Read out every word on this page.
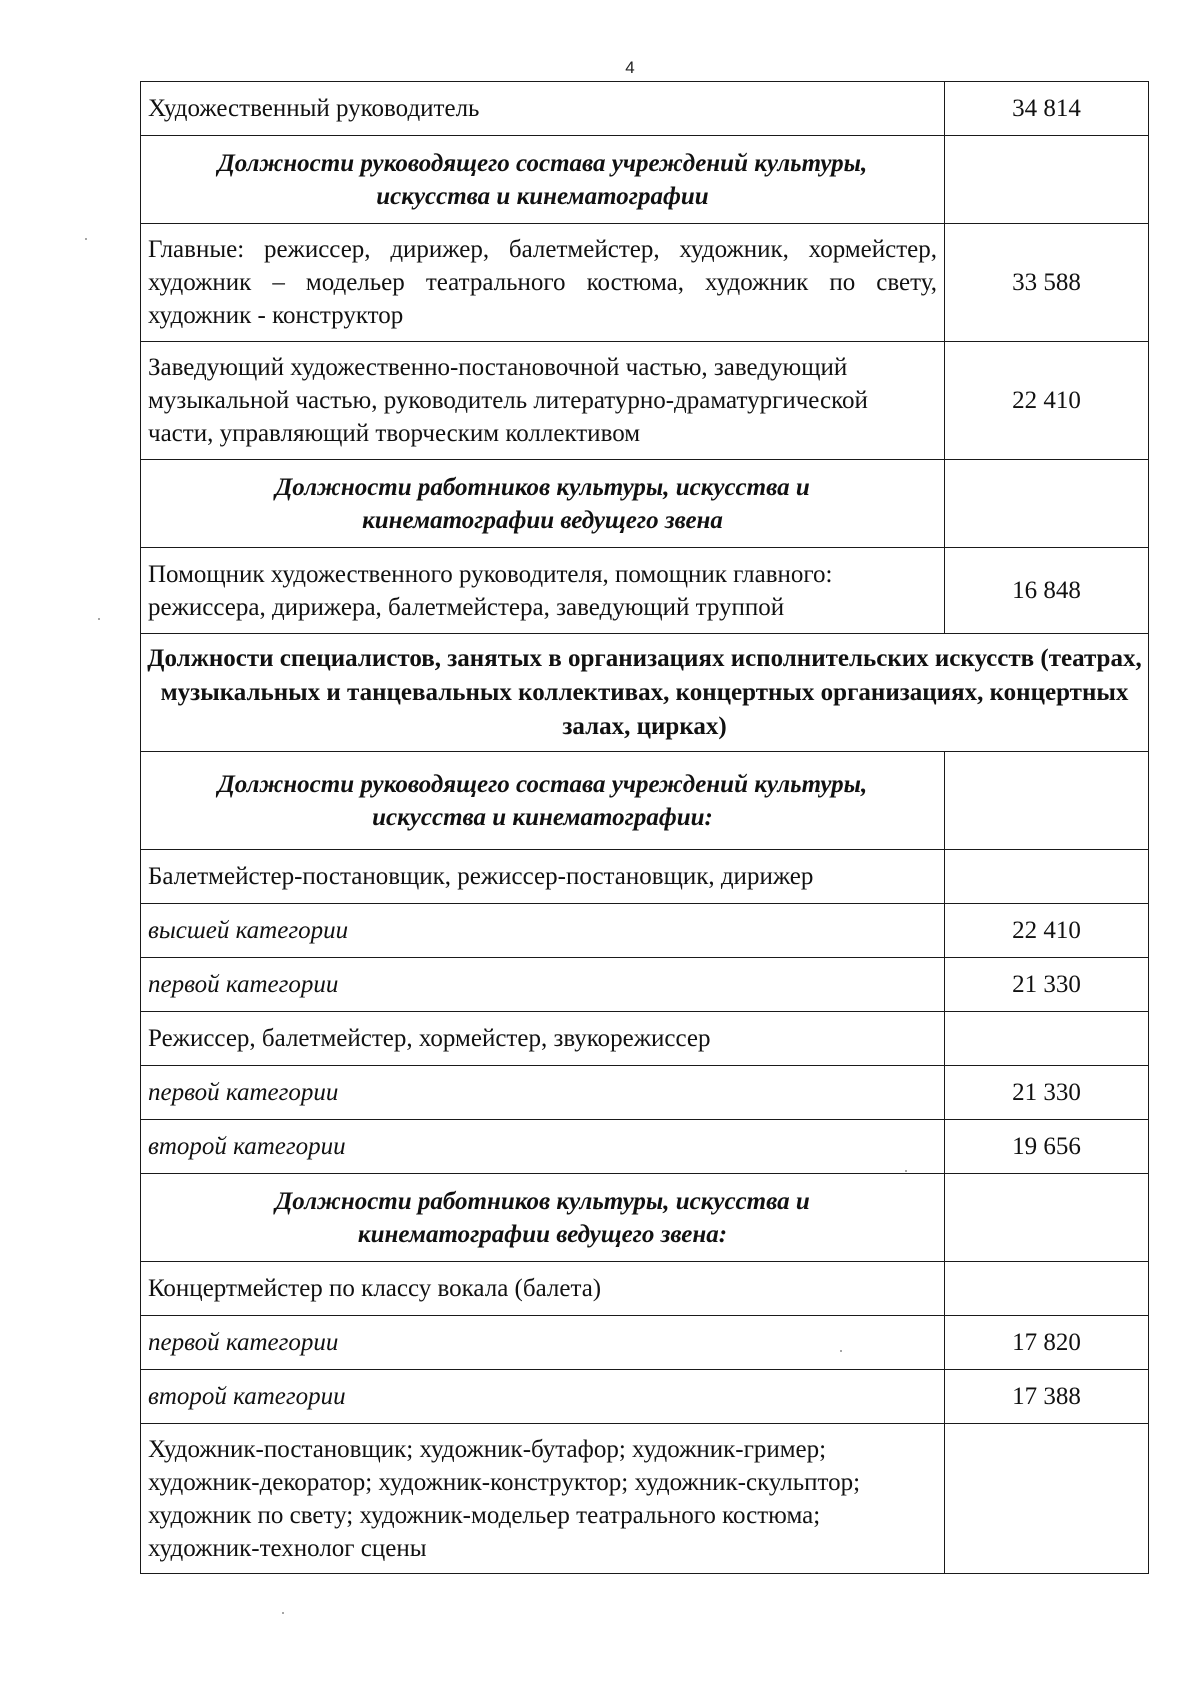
4
Художественный руководитель	34 814
Должности руководящего состава учреждений культуры, искусства и кинематографии	
Главные: режиссер, дирижер, балетмейстер, художник, хормейстер, художник – модельер театрального костюма, художник по свету, художник - конструктор	33 588
Заведующий художественно-постановочной частью, заведующий музыкальной частью, руководитель литературно-драматургической части, управляющий творческим коллективом	22 410
Должности работников культуры, искусства и кинематографии ведущего звена	
Помощник художественного руководителя, помощник главного: режиссера, дирижера, балетмейстера, заведующий труппой	16 848
Должности специалистов, занятых в организациях исполнительских искусств (театрах, музыкальных и танцевальных коллективах, концертных организациях, концертных залах, цирках)	
Должности руководящего состава учреждений культуры, искусства и кинематографии:	
Балетмейстер-постановщик, режиссер-постановщик, дирижер	
высшей категории	22 410
первой категории	21 330
Режиссер, балетмейстер, хормейстер, звукорежиссер	
первой категории	21 330
второй категории	19 656
Должности работников культуры, искусства и кинематографии ведущего звена:	
Концертмейстер по классу вокала (балета)	
первой категории	17 820
второй категории	17 388
Художник-постановщик; художник-бутафор; художник-гример; художник-декоратор; художник-конструктор; художник-скульптор; художник по свету; художник-модельер театрального костюма; художник-технолог сцены	
